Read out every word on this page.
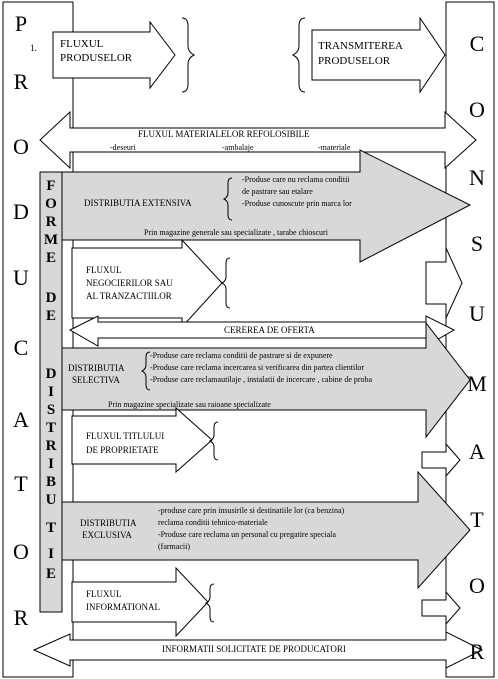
P
R
O
D
U
C
A
T
O
R
1.	C
O
N
S
U
M
A
T
O
R
F
O
R
M
E
D
E
D
I
S
T
R
I
B
U
T
I
E
FLUXUL
PRODUSELOR
TRANSMITEREA
PRODUSELOR
FLUXUL MATERIALELOR REFOLOSIBILE
-deseuri	-ambalaje	-materiale
DISTRIBUTIA EXTENSIVA
-Produse care nu reclama conditii
de pastrare sau etalare
-Produse cunoscute prin marca lor
Prin magazine generale sau specializate , tarabe chioscuri
FLUXUL
NEGOCIERILOR SAU
AL TRANZACTIILOR
CEREREA DE OFERTA
DISTRIBUTIA
SELECTIVA
-Produse care reclama conditii de pastrare si de expunere
-Produse care reclama incercarea si verificarea din partea clientilor
-Produse care reclamautilaje , instalatii de incercare , cabine de proba
Prin magazine specializate sau raioane specializate
FLUXUL TITLULUI
DE PROPRIETATE
DISTRIBUTIA
EXCLUSIVA
-produse care prin insusirile si destinatiile lor (ca benzina)
reclama conditii tehnico-materiale
-Produse care reclama un personal cu pregatire speciala
(farmacii)
FLUXUL
INFORMATIONAL
INFORMATII SOLICITATE DE PRODUCATORI
